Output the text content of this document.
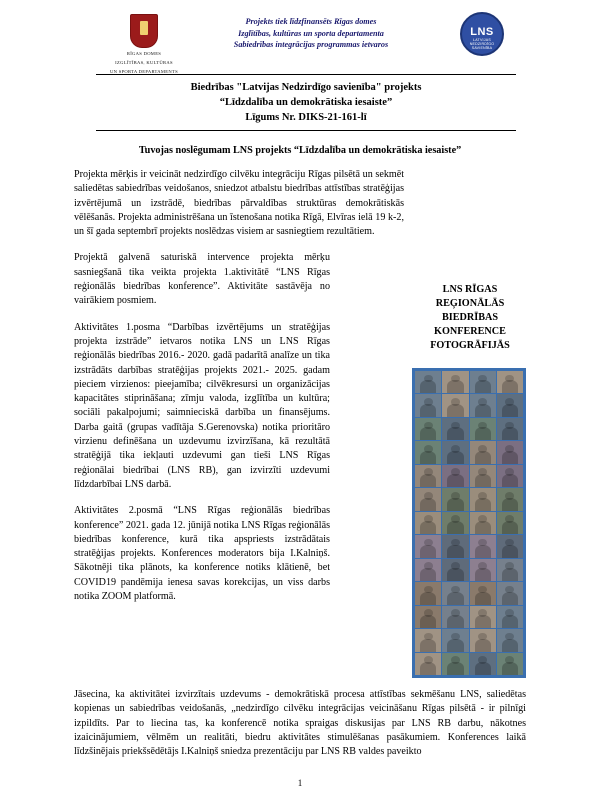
RĪGAS DOMES
IZGLĪTĪBAS, KULTŪRAS
UN SPORTA DEPARTAMENTS
Projekts tiek līdzfinansēts Rīgas domes
Izglītības, kultūras un sporta departamenta
Sabiedrības integrācijas programmas ietvaros
LNS
LATVIJAS NEDZIRDĪGO SAVIENĪBA
Biedrības "Latvijas Nedzirdīgo savienība" projekts
“Līdzdalība un demokrātiska iesaiste”
Līgums Nr. DIKS-21-161-lī
Tuvojas noslēgumam LNS projekts “Līdzdalība un demokrātiska iesaiste”

Projekta mērķis ir veicināt nedzirdīgo cilvēku integrāciju Rīgas pilsētā un sekmēt saliedētas sabiedrības veidošanos, sniedzot atbalstu biedrības attīstības stratēģijas izvērtējumā un izstrādē, biedrības pārvaldības struktūras demokrātiskās vēlēšanās. Projekta administrēšana un īstenošana notika Rīgā, Elvīras ielā 19 k-2, un šī gada septembrī projekts noslēdzas visiem ar sasniegtiem rezultātiem.

Projektā galvenā saturiskā intervence projekta mērķu sasniegšanā tika veikta projekta 1.aktivitātē “LNS Rīgas reģionālās biedrības konference”. Aktivitāte sastāvēja no vairākiem posmiem.

Aktivitātes 1.posma “Darbības izvērtējums un stratēģijas projekta izstrāde” ietvaros notika LNS un LNS Rīgas reģionālās biedrības 2016.- 2020. gadā padarītā analīze un tika izstrādāts darbības stratēģijas projekts 2021.- 2025. gadam pieciem virzienos: pieejamība; cilvēkresursi un organizācijas kapacitātes stiprināšana; zīmju valoda, izglītība un kultūra; sociāli pakalpojumi; saimnieciskā darbība un finansējums. Darba gaitā (grupas vadītāja S.Gerenovska) notika prioritāro virzienu definēšana un uzdevumu izvirzīšana, kā rezultātā stratēģijā tika iekļauti uzdevumi gan tieši LNS Rīgas reģionālai biedrībai (LNS RB), gan izvirzīti uzdevumi līdzdarbībai LNS darbā.

Aktivitātes 2.posmā “LNS Rīgas reģionālās biedrības konference” 2021. gada 12. jūnijā notika LNS Rīgas reģionālās biedrības konference, kurā tika apspriests izstrādātais stratēģijas projekts. Konferences moderators bija I.Kalniņš. Sākotnēji tika plānots, ka konference notiks klātienē, bet COVID19 pandēmija ienesa savas korekcijas, un viss darbs notika ZOOM platformā.

LNS RĪGAS REĢIONĀLĀS
BIEDRĪBAS
KONFERENCE
FOTOGRĀFIJĀS

Jāsecina, ka aktivitātei izvirzītais uzdevums - demokrātiskā procesa attīstības sekmēšanu LNS, saliedētas kopienas un sabiedrības veidošanās, „nedzirdīgo cilvēku integrācijas veicināšanu Rīgas pilsētā - ir pilnīgi izpildīts. Par to liecina tas, ka konferencē notika spraigas diskusijas par LNS RB darbu, nākotnes izaicinājumiem, vēlmēm un realitāti, biedru aktivitātes stimulēšanas pasākumiem. Konferences laikā līdzšinējais priekšsēdētājs I.Kalniņš sniedza prezentāciju par LNS RB valdes paveikto

1
